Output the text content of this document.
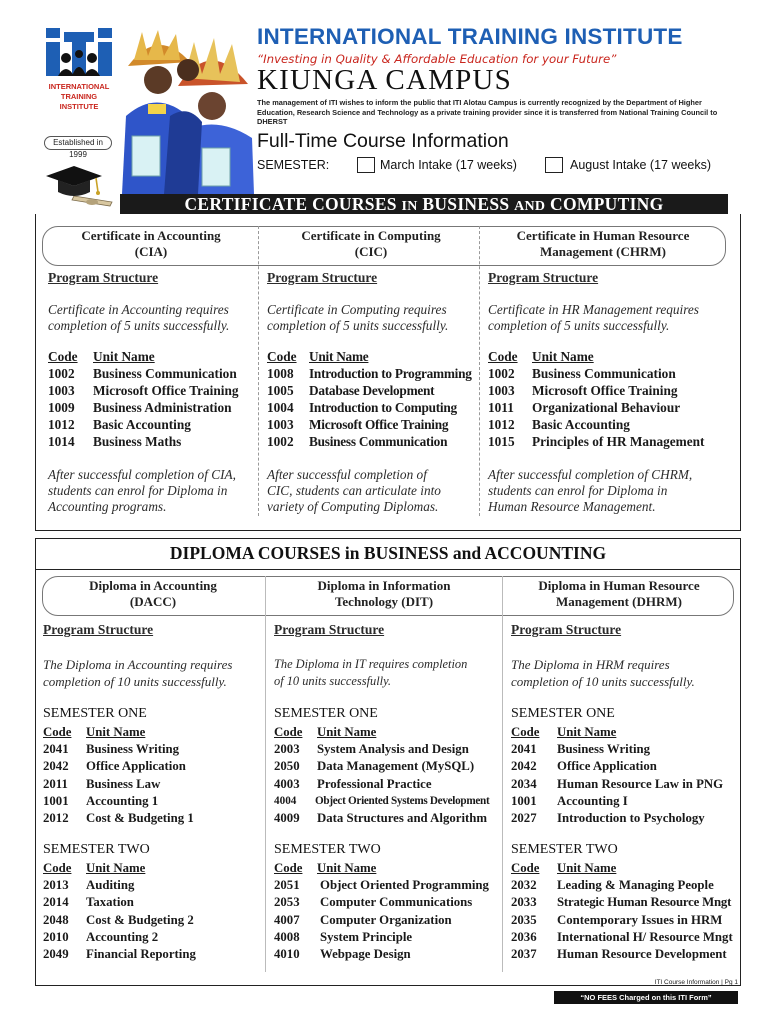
INTERNATIONAL
TRAINING
INSTITUTE
Established in 1999
INTERNATIONAL TRAINING INSTITUTE
“Investing in Quality & Affordable Education for your Future”
KIUNGA CAMPUS
The management of ITI wishes to inform the public that ITI Alotau Campus is currently recognized by the Department of Higher Education, Research Science and Technology as a private training provider since it is transferred from National Training Council to DHERST
Full-Time Course Information
SEMESTER:	March Intake (17 weeks)	August Intake (17 weeks)
CERTIFICATE COURSES IN BUSINESS AND COMPUTING
Certificate in Accounting
(CIA)
Program Structure
Certificate in Accounting requires
completion of 5 units successfully.
Code Unit Name
1002 Business Communication
1003 Microsoft Office Training
1009 Business Administration
1012 Basic Accounting
1014 Business Maths
After successful completion of CIA,
students can enrol for Diploma in
Accounting programs.
Certificate in Computing
(CIC)
Program Structure
Certificate in Computing requires
completion of 5 units successfully.
Code Unit Name
1008 Introduction to Programming
1005 Database Development
1004 Introduction to Computing
1003 Microsoft Office Training
1002 Business Communication
After successful completion of
CIC, students can articulate into
variety of Computing Diplomas.
Certificate in Human Resource
Management (CHRM)
Program Structure
Certificate in HR Management requires
completion of 5 units successfully.
Code Unit Name
1002 Business Communication
1003 Microsoft Office Training
1011 Organizational Behaviour
1012 Basic Accounting
1015 Principles of HR Management
After successful completion of CHRM,
students can enrol for Diploma in
Human Resource Management.
DIPLOMA COURSES in BUSINESS and ACCOUNTING
Diploma in Accounting
(DACC)
Program Structure
The Diploma in Accounting requires
completion of 10 units successfully.
SEMESTER ONE
Code Unit Name
2041 Business Writing
2042 Office Application
2011 Business Law
1001 Accounting 1
2012 Cost & Budgeting 1
SEMESTER TWO
Code Unit Name
2013 Auditing
2014 Taxation
2048 Cost & Budgeting 2
2010 Accounting 2
2049 Financial Reporting
Diploma in Information
Technology (DIT)
Program Structure
The Diploma in IT requires completion
of 10 units successfully.
SEMESTER ONE
Code Unit Name
2003 System Analysis and Design
2050 Data Management (MySQL)
4003 Professional Practice
4004 Object Oriented Systems Development
4009 Data Structures and Algorithm
SEMESTER TWO
Code Unit Name
2051 Object Oriented Programming
2053 Computer Communications
4007 Computer Organization
4008 System Principle
4010 Webpage Design
Diploma in Human Resource
Management (DHRM)
Program Structure
The Diploma in HRM requires
completion of 10 units successfully.
SEMESTER ONE
Code Unit Name
2041 Business Writing
2042 Office Application
2034 Human Resource Law in PNG
1001 Accounting I
2027 Introduction to Psychology
SEMESTER TWO
Code Unit Name
2032 Leading & Managing People
2033 Strategic Human Resource Mngt
2035 Contemporary Issues in HRM
2036 International H/ Resource Mngt
2037 Human Resource Development
ITI Course Information | Pg 1
“NO FEES Charged on this ITI Form”
